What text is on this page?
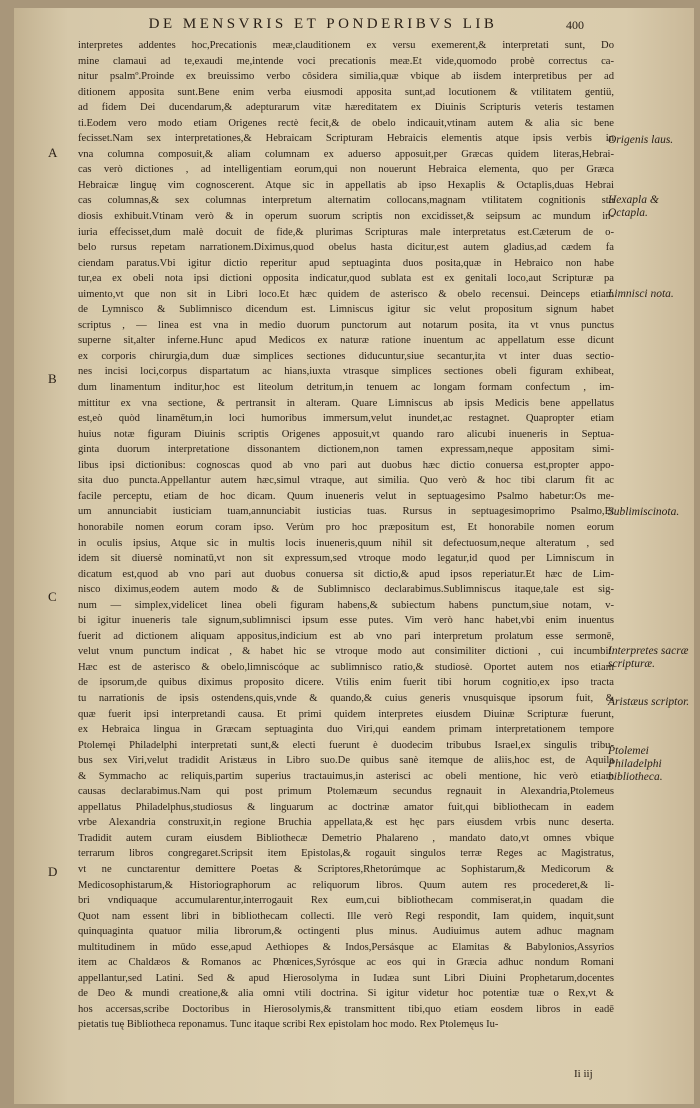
DE MENSVRIS ET PONDERIBVS LIB	400
A
B
C
D
Origenis laus.
Hexapla & Octapla.
Limnisci nota.
Sublimiscinota.
Interpretes sacræ scripturæ.
Aristæus scriptor.
Ptolemei Philadelphi bibliotheca.
interpretes addentes hoc,Precationis meæ,clauditionem ex versu exemerent,& interpretati sunt, Do
mine clamaui ad te,exaudi me,intende voci precationis meæ.Et vide,quomodo probè correctus ca-
nitur psalmº.Proinde ex breuissimo verbo côsidera similia,quæ vbique ab iisdem interpretibus per ad
ditionem apposita sunt.Bene enim verba eiusmodi apposita sunt,ad locutionem & vtilitatem gentiü,
ad fidem Dei ducendarum,& adepturarum vitæ hæreditatem ex Diuinis Scripturis veteris testamen
ti.Eodem vero modo etiam Origenes rectè fecit,& de obelo indicauit,vtinam autem & alia sic bene
fecisset.Nam sex interpretationes,& Hebraicam Scripturam Hebraicis elementis atque ipsis verbis in
vna columna composuit,& aliam columnam ex aduerso apposuit,per Græcas quidem literas,Hebrai-
cas verò dictiones , ad intelligentiam eorum,qui non nouerunt Hebraica elementa, quo per Græca
Hebraicæ linguę vim cognoscerent. Atque sic in appellatis ab ipso Hexaplis & Octaplis,duas Hebrai
cas columnas,& sex columnas interpretum alternatim collocans,magnam vtilitatem cognitionis stu
diosis exhibuit.Vtinam verò & in operum suorum scriptis non excidisset,& seipsum ac mundum in-
iuria effecisset,dum malè docuit de fide,& plurimas Scripturas male interpretatus est.Cæterum de o-
belo rursus repetam narrationem.Diximus,quod obelus hasta dicitur,est autem gladius,ad cædem fa
ciendam paratus.Vbi igitur dictio reperitur apud septuaginta duos posita,quæ in Hebraico non habe
tur,ea ex obeli nota ipsi dictioni opposita indicatur,quod sublata est ex genitali loco,aut Scripturæ pa
uimento,vt que non sit in Libri loco.Et hæc quidem de asterisco & obelo recensui. Deinceps etiam
de Lymnisco & Sublimnisco dicendum est. Limniscus igitur sic velut propositum signum habet
scriptus , — linea est vna in medio duorum punctorum aut notarum posita, ita vt vnus punctus
superne sit,alter inferne.Hunc apud Medicos ex naturæ ratione inuentum ac appellatum esse dicunt
ex corporis chirurgia,dum duæ simplices sectiones diducuntur,siue secantur,ita vt inter duas sectio-
nes incisi loci,corpus dispartatum ac hians,iuxta vtrasque simplices sectiones obeli figuram exhibeat,
dum linamentum inditur,hoc est liteolum detritum,in tenuem ac longam formam confectum , im-
mittitur ex vna sectione, & pertransit in alteram. Quare Limniscus ab ipsis Medicis bene appellatus
est,eò quòd linamētum,in loci humoribus immersum,velut inundet,ac restagnet. Quapropter etiam
huius notæ figuram Diuinis scriptis Origenes apposuit,vt quando raro alicubi inueneris in Septua-
ginta duorum interpretatione dissonantem dictionem,non tamen expressam,neque appositam simi-
libus ipsi dictionibus: cognoscas quod ab vno pari aut duobus hæc dictio conuersa est,propter appo-
sita duo puncta.Appellantur autem hæc,simul vtraque, aut similia. Quo verò & hoc tibi clarum fit ac
facile perceptu, etiam de hoc dicam. Quum inueneris velut in septuagesimo Psalmo habetur:Os me-
um annunciabit iusticiam tuam,annunciabit iusticias tuas. Rursus in septuagesimoprimo Psalmo,Et
honorabile nomen eorum coram ipso. Verùm pro hoc præpositum est, Et honorabile nomen eorum
in oculis ipsius, Atque sic in multis locis inueneris,quum nihil sit defectuosum,neque alteratum , sed
idem sit diuersè nominatū,vt non sit expressum,sed vtroque modo legatur,id quod per Limniscum in
dicatum est,quod ab vno pari aut duobus conuersa sit dictio,& apud ipsos reperiatur.Et hæc de Lim-
nisco diximus,eodem autem modo & de Sublimnisco declarabimus.Sublimniscus itaque,tale est sig-
num — simplex,videlicet linea obeli figuram habens,& subiectum habens punctum,siue notam, v-
bi igitur inueneris tale signum,sublimnisci ipsum esse putes. Vim verò hanc habet,vbi enim inuentus
fuerit ad dictionem aliquam appositus,indicium est ab vno pari interpretum prolatum esse sermonē,
velut vnum punctum indicat , & habet hic se vtroque modo aut consimiliter dictioni , cui incumbit.
Hæc est de asterisco & obelo,limniscóque ac sublimnisco ratio,& studiosè. Oportet autem nos etiam
de ipsorum,de quibus diximus proposito dicere. Vtilis enim fuerit tibi horum cognitio,ex ipso tracta
tu narrationis de ipsis ostendens,quis,vnde & quando,& cuius generis vnusquisque ipsorum fuit, &
quæ fuerit ipsi interpretandi causa. Et primi quidem interpretes eiusdem Diuinæ Scripturæ fuerunt,
ex Hebraica lingua in Græcam septuaginta duo Viri,qui eandem primam interpretationem tempore
Ptolemęi Philadelphi interpretati sunt,& electi fuerunt è duodecim tribubus Israel,ex singulis tribu-
bus sex Viri,velut tradidit Aristæus in Libro suo.De quibus sanè itemque de aliis,hoc est, de Aquila
& Symmacho ac reliquis,partim superius tractauimus,in asterisci ac obeli mentione, hic verò etiam
causas declarabimus.Nam qui post primum Ptolemæum secundus regnauit in Alexandria,Ptolemeus
appellatus Philadelphus,studiosus & linguarum ac doctrinæ amator fuit,qui bibliothecam in eadem
vrbe Alexandria construxit,in regione Bruchia appellata,& est hęc pars eiusdem vrbis nunc deserta.
Tradidit autem curam eiusdem Bibliothecæ Demetrio Phalareno , mandato dato,vt omnes vbique
terrarum libros congregaret.Scripsit item Epistolas,& rogauit singulos terræ Reges ac Magistratus,
vt ne cunctarentur demittere Poetas & Scriptores,Rhetorúmque ac Sophistarum,& Medicorum &
Medicosophistarum,& Historiographorum ac reliquorum libros. Quum autem res procederet,& li-
bri vndiquaque accumularentur,interrogauit Rex eum,cui bibliothecam commiserat,in quadam die
Quot nam essent libri in bibliothecam collecti. Ille verò Regi respondit, Iam quidem, inquit,sunt
quinquaginta quatuor milia librorum,& octingenti plus minus. Audiuimus autem adhuc magnam
multitudinem in mūdo esse,apud Aethiopes & Indos,Persásque ac Elamitas & Babylonios,Assyrios
item ac Chaldæos & Romanos ac Phœnices,Syrósque ac eos qui in Græcia adhuc nondum Romani
appellantur,sed Latini. Sed & apud Hierosolyma in Iudæa sunt Libri Diuini Prophetarum,docentes
de Deo & mundi creatione,& alia omni vtili doctrina. Si igitur videtur hoc potentiæ tuæ o Rex,vt &
hos accersas,scribe Doctoribus in Hierosolymis,& transmittent tibi,quo etiam eosdem libros in eadē
pietatis tuę Bibliotheca reponamus. Tunc itaque scribi Rex epistolam hoc modo. Rex Ptolemęus Iu-
Ii iij
